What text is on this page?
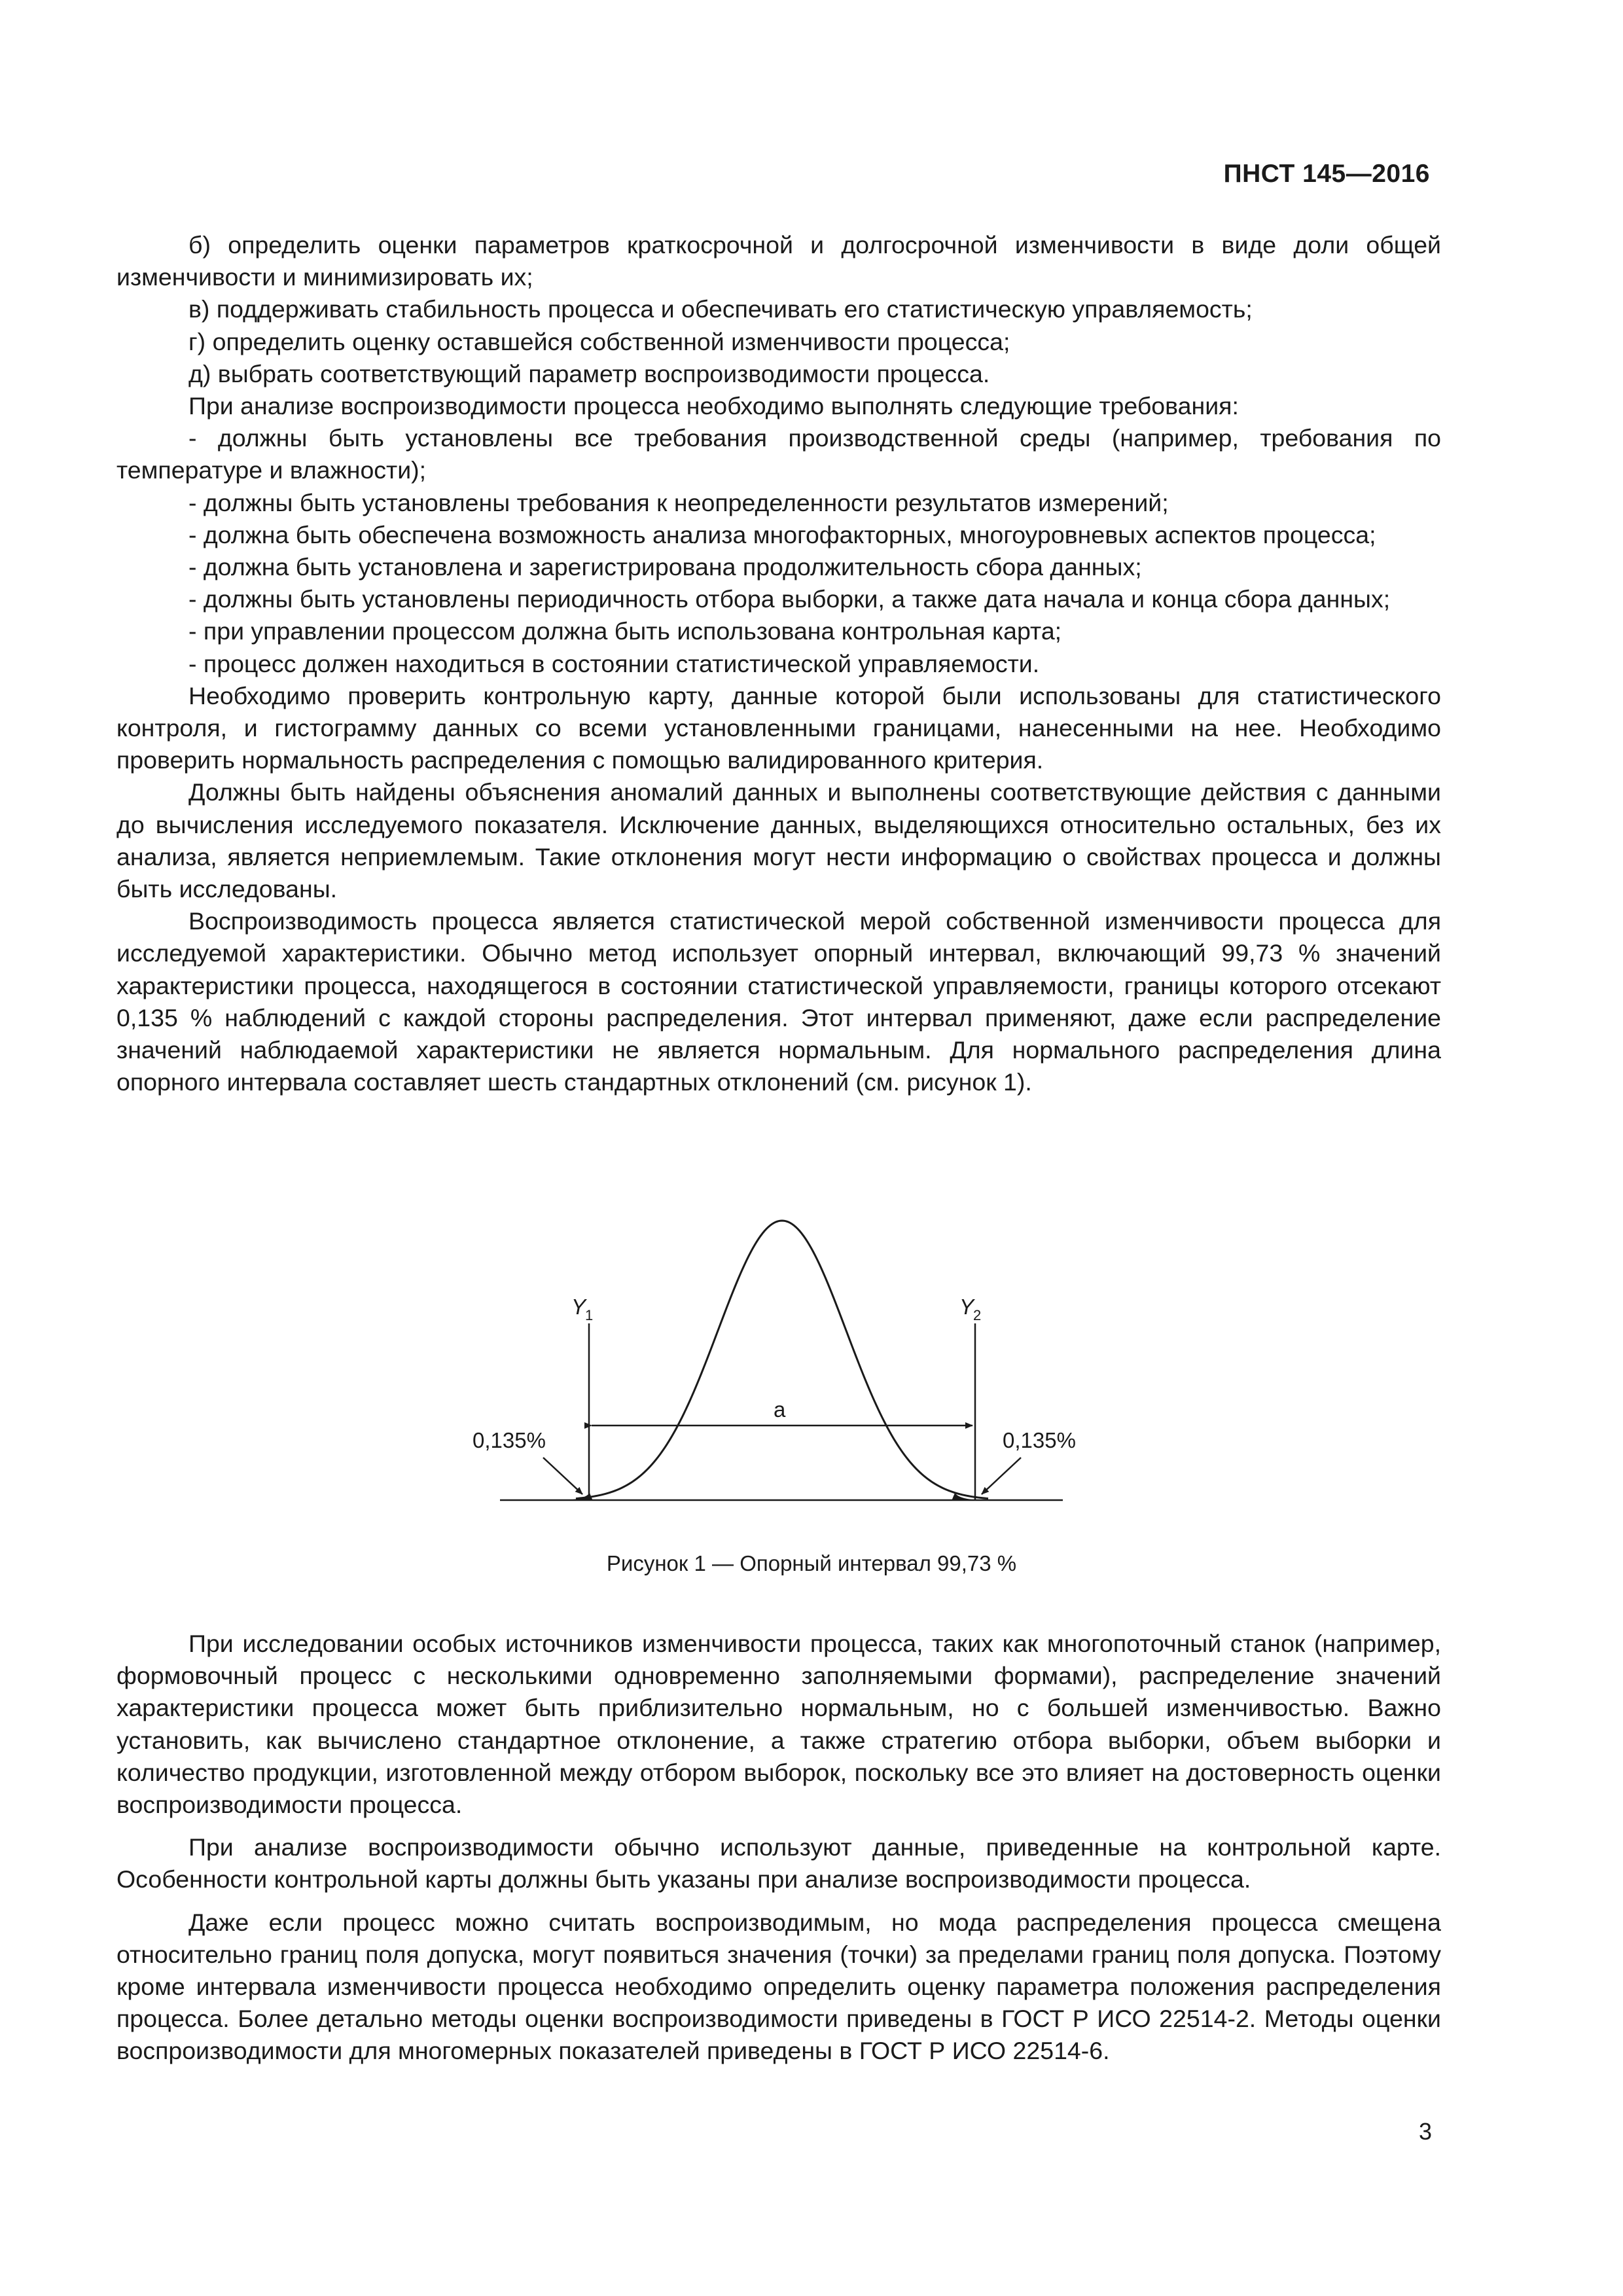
ПНСТ 145—2016

б) определить оценки параметров краткосрочной и долгосрочной изменчивости в виде доли общей изменчивости и минимизировать их;

в) поддерживать стабильность процесса и обеспечивать его статистическую управляемость;

г) определить оценку оставшейся собственной изменчивости процесса;

д) выбрать соответствующий параметр воспроизводимости процесса.

При анализе воспроизводимости процесса необходимо выполнять следующие требования:

- должны быть установлены все требования производственной среды (например, требования по температуре и влажности);

- должны быть установлены требования к неопределенности результатов измерений;

- должна быть обеспечена возможность анализа многофакторных, многоуровневых аспектов процесса;

- должна быть установлена и зарегистрирована продолжительность сбора данных;

- должны быть установлены периодичность отбора выборки, а также дата начала и конца сбора данных;

- при управлении процессом должна быть использована контрольная карта;

- процесс должен находиться в состоянии статистической управляемости.

Необходимо проверить контрольную карту, данные которой были использованы для статистического контроля, и гистограмму данных со всеми установленными границами, нанесенными на нее. Необходимо проверить нормальность распределения с помощью валидированного критерия.

Должны быть найдены объяснения аномалий данных и выполнены соответствующие действия с данными до вычисления исследуемого показателя. Исключение данных, выделяющихся относительно остальных, без их анализа, является неприемлемым. Такие отклонения могут нести информацию о свойствах процесса и должны быть исследованы.

Воспроизводимость процесса является статистической мерой собственной изменчивости процесса для исследуемой характеристики. Обычно метод использует опорный интервал, включающий 99,73 % значений характеристики процесса, находящегося в состоянии статистической управляемости, границы которого отсекают 0,135 % наблюдений с каждой стороны распределения. Этот интервал применяют, даже если распределение значений наблюдаемой характеристики не является нормальным. Для нормального распределения длина опорного интервала составляет шесть стандартных отклонений (см. рисунок 1).

Y
1	Y
2
a
0,135%	0,135%
Рисунок 1 — Опорный интервал 99,73 %

При исследовании особых источников изменчивости процесса, таких как многопоточный станок (например, формовочный процесс с несколькими одновременно заполняемыми формами), распределение значений характеристики процесса может быть приблизительно нормальным, но с большей изменчивостью. Важно установить, как вычислено стандартное отклонение, а также стратегию отбора выборки, объем выборки и количество продукции, изготовленной между отбором выборок, поскольку все это влияет на достоверность оценки воспроизводимости процесса.

При анализе воспроизводимости обычно используют данные, приведенные на контрольной карте. Особенности контрольной карты должны быть указаны при анализе воспроизводимости процесса.

Даже если процесс можно считать воспроизводимым, но мода распределения процесса смещена относительно границ поля допуска, могут появиться значения (точки) за пределами границ поля допуска. Поэтому кроме интервала изменчивости процесса необходимо определить оценку параметра положения распределения процесса. Более детально методы оценки воспроизводимости приведены в ГОСТ Р ИСО 22514-2. Методы оценки воспроизводимости для многомерных показателей приведены в ГОСТ Р ИСО 22514-6.

3
